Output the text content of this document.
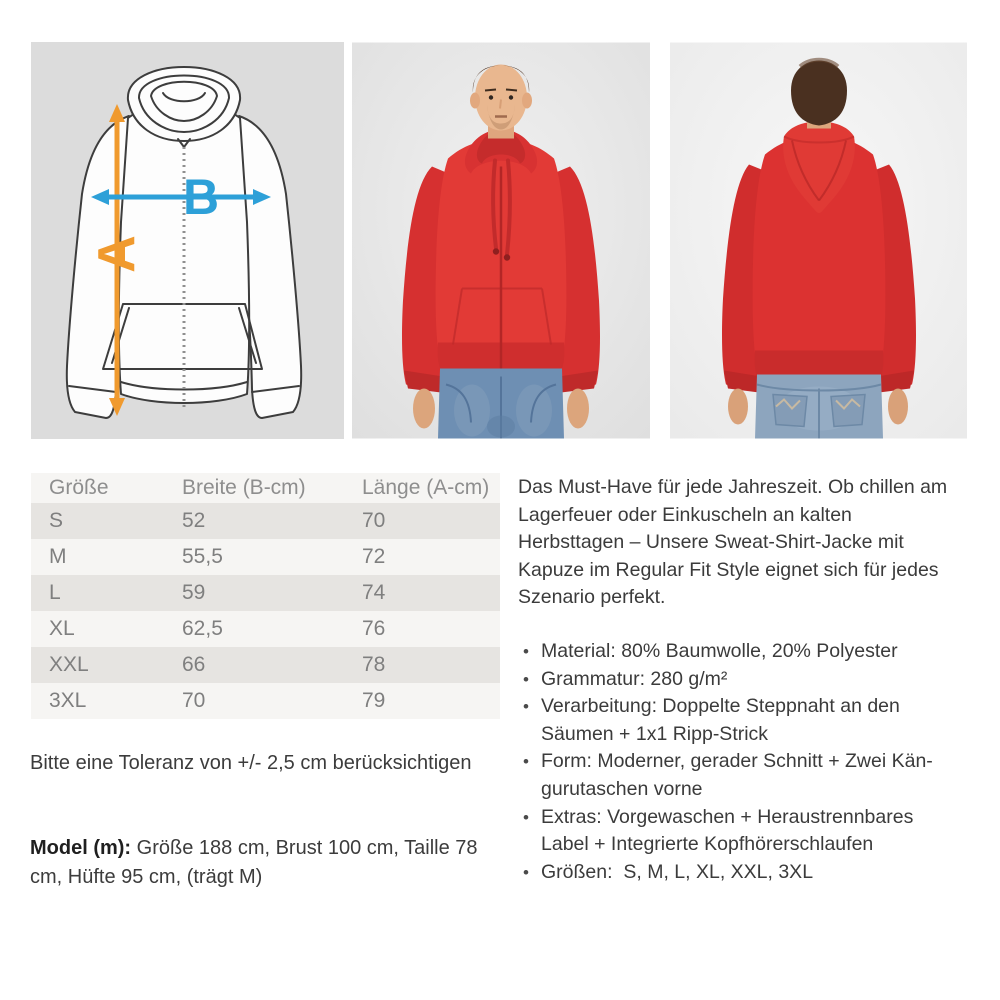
A
B
Größe	Breite (B-cm)	Länge (A-cm)
S	52	70
M	55,5	72
L	59	74
XL	62,5	76
XXL	66	78
3XL	70	79
Bitte eine Toleranz von +/- 2,5 cm berücksichtigen
Model (m): Größe 188 cm, Brust 100 cm, Taille 78 cm, Hüfte 95 cm, (trägt M)

Das Must-Have für jede Jahreszeit. Ob chillen am Lagerfeuer oder Einkuscheln an kalten Herbsttagen – Unsere Sweat-Shirt-Jacke mit Kapuze im Regular Fit Style eignet sich für jedes Szenario perfekt.

• Material: 80% Baumwolle, 20% Polyester
• Grammatur: 280 g/m²
• Verarbeitung: Doppelte Steppnaht an den Säumen + 1x1 Ripp-Strick
• Form: Moderner, gerader Schnitt + Zwei Kängurutaschen vorne
• Extras: Vorgewaschen + Heraustrennbares Label + Integrierte Kopfhörerschlaufen
• Größen:  S, M, L, XL, XXL, 3XL
